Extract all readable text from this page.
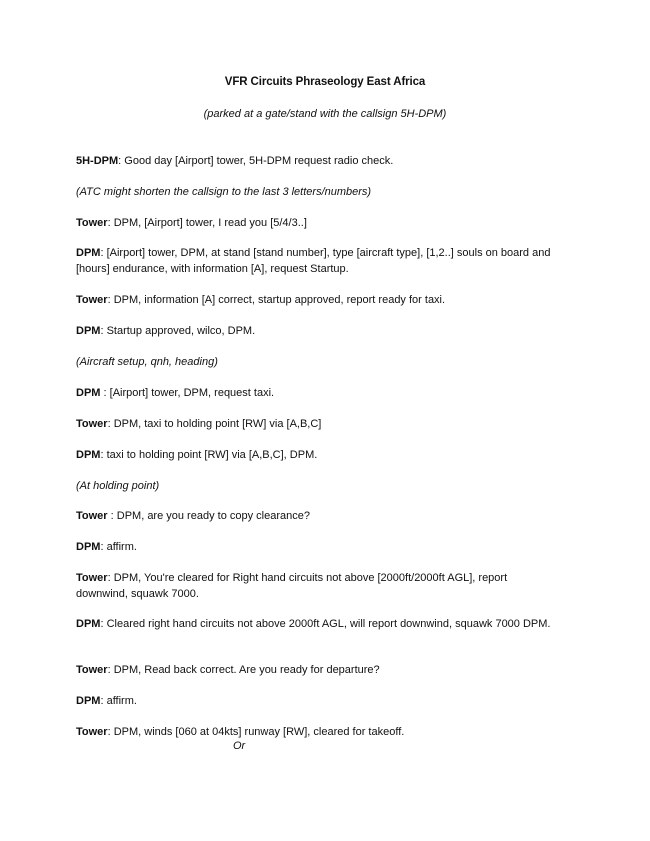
VFR Circuits Phraseology East Africa
(parked at a gate/stand with the callsign 5H-DPM)
5H-DPM: Good day [Airport] tower, 5H-DPM request radio check.
(ATC might shorten the callsign to the last 3 letters/numbers)
Tower: DPM, [Airport] tower, I read you [5/4/3..]
DPM: [Airport] tower, DPM, at stand [stand number], type [aircraft type], [1,2..] souls on board and [hours] endurance, with information [A], request Startup.
Tower: DPM, information [A] correct, startup approved, report ready for taxi.
DPM: Startup approved, wilco, DPM.
(Aircraft setup, qnh, heading)
DPM : [Airport] tower, DPM, request taxi.
Tower: DPM, taxi to holding point [RW] via [A,B,C]
DPM: taxi to holding point [RW] via [A,B,C], DPM.
(At holding point)
Tower : DPM, are you ready to copy clearance?
DPM: affirm.
Tower: DPM, You're cleared for Right hand circuits not above [2000ft/2000ft AGL], report downwind, squawk 7000.
DPM: Cleared right hand circuits not above 2000ft AGL, will report downwind, squawk 7000 DPM.
Tower: DPM, Read back correct. Are you ready for departure?
DPM: affirm.
Tower: DPM, winds [060 at 04kts] runway [RW], cleared for takeoff.
Or
